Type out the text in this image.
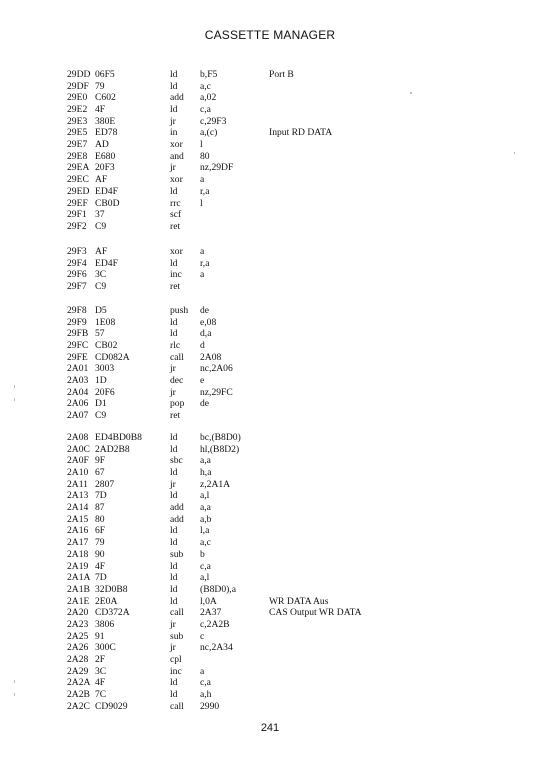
CASSETTE MANAGER
29DD 06F5	ld b,F5	Port B
29DF 79	ld a,c
29E0 C602	add a,02
29E2 4F	ld c,a
29E3 380E	jr	c,29F3
29E5 ED78	in a,(c)	Input RD DATA
29E7 AD	xor l
29E8 E680	and 80
29EA 20F3	jr	nz,29DF
29EC AF	xor a
29ED ED4F	ld r,a
29EF CB0D	rrc l
29F1 37	scf
29F2 C9	ret
29F3 AF	xor a
29F4 ED4F	ld r,a
29F6 3C	inc a
29F7 C9	ret
29F8 D5	push de
29F9 1E08	ld e,08
29FB 57	ld d,a
29FC CB02	rlc d
29FE CD082A	call 2A08
2A01 3003	jr	nc,2A06
2A03 1D	dec e
2A04 20F6	jr	nz,29FC
2A06 D1	pop de
2A07 C9	ret
2A08 ED4BD0B8	ld bc,(B8D0)
2A0C 2AD2B8	ld hl,(B8D2)
2A0F 9F	sbc a,a
2A10 67	ld h,a
2A11 2807	jr	z,2A1A
2A13 7D	ld a,l
2A14 87	add a,a
2A15 80	add a,b
2A16 6F	ld l,a
2A17 79	ld a,c
2A18 90	sub b
2A19 4F	ld c,a
2A1A 7D	ld a,l
2A1B 32D0B8	ld (B8D0),a
2A1E 2E0A	ld l,0A	WR DATA Aus
2A20 CD372A	call 2A37	CAS Output WR DATA
2A23 3806	jr	c,2A2B
2A25 91	sub c
2A26 300C	jr	nc,2A34
2A28 2F	cpl
2A29 3C	inc a
2A2A 4F	ld c,a
2A2B 7C	ld a,h
2A2C CD9029	call 2990
241
